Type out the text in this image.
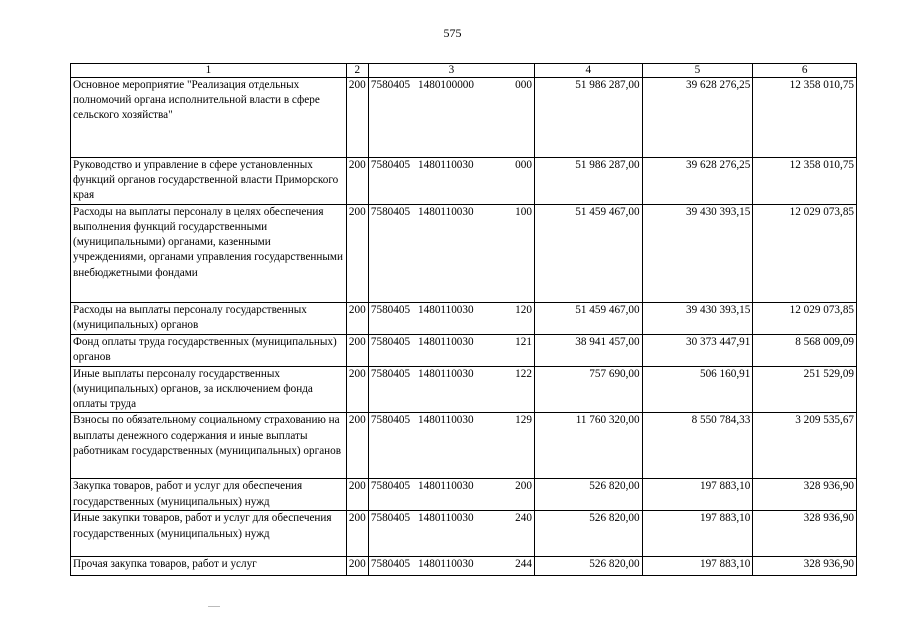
575
1	2	3	4	5	6
Основное мероприятие "Реализация отдельных полномочий органа исполнительной власти в сфере сельского хозяйства"	200	758 0405 1480100000 000	51 986 287,00	39 628 276,25	12 358 010,75
Руководство и управление в сфере установленных функций органов государственной власти Приморского края	200	758 0405 1480110030 000	51 986 287,00	39 628 276,25	12 358 010,75
Расходы на выплаты персоналу в целях обеспечения выполнения функций государственными (муниципальными) органами, казенными учреждениями, органами управления государственными внебюджетными фондами	200	758 0405 1480110030 100	51 459 467,00	39 430 393,15	12 029 073,85
Расходы на выплаты персоналу государственных (муниципальных) органов	200	758 0405 1480110030 120	51 459 467,00	39 430 393,15	12 029 073,85
Фонд оплаты труда государственных (муниципальных) органов	200	758 0405 1480110030 121	38 941 457,00	30 373 447,91	8 568 009,09
Иные выплаты персоналу государственных (муниципальных) органов, за исключением фонда оплаты труда	200	758 0405 1480110030 122	757 690,00	506 160,91	251 529,09
Взносы по обязательному социальному страхованию на выплаты денежного содержания и иные выплаты работникам государственных (муниципальных) органов	200	758 0405 1480110030 129	11 760 320,00	8 550 784,33	3 209 535,67
Закупка товаров, работ и услуг для обеспечения государственных (муниципальных) нужд	200	758 0405 1480110030 200	526 820,00	197 883,10	328 936,90
Иные закупки товаров, работ и услуг для обеспечения государственных (муниципальных) нужд	200	758 0405 1480110030 240	526 820,00	197 883,10	328 936,90
Прочая закупка товаров, работ и услуг	200	758 0405 1480110030 244	526 820,00	197 883,10	328 936,90
